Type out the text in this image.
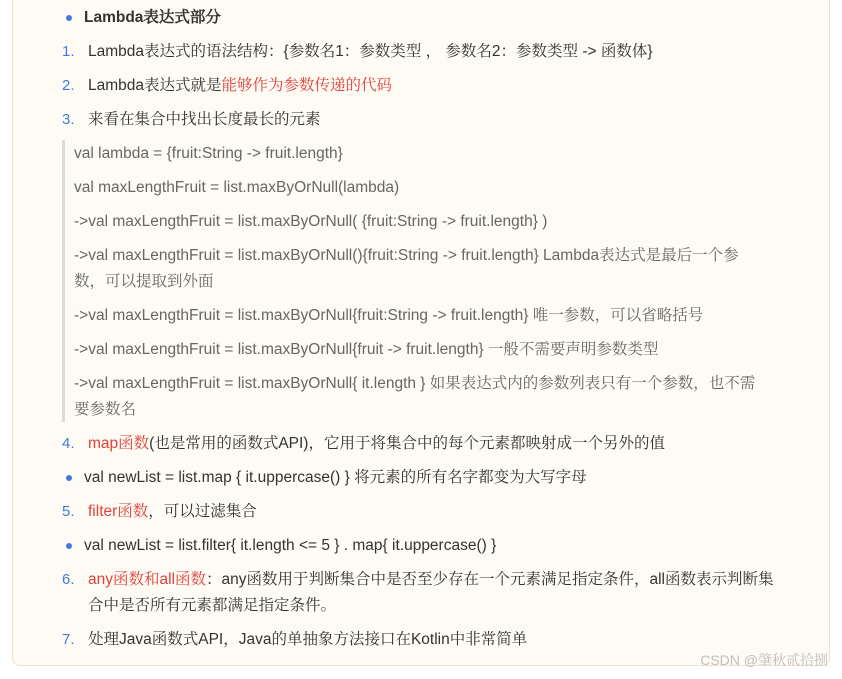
Lambda表达式部分
1. Lambda表达式的语法结构：{参数名1：参数类型 ， 参数名2：参数类型 -> 函数体}
2. Lambda表达式就是能够作为参数传递的代码
3. 来看在集合中找出长度最长的元素
val lambda = {fruit:String -> fruit.length}
val maxLengthFruit = list.maxByOrNull(lambda)
->val maxLengthFruit = list.maxByOrNull( {fruit:String -> fruit.length} )
->val maxLengthFruit = list.maxByOrNull(){fruit:String -> fruit.length} Lambda表达式是最后一个参
数，可以提取到外面
->val maxLengthFruit = list.maxByOrNull{fruit:String -> fruit.length} 唯一参数，可以省略括号
->val maxLengthFruit = list.maxByOrNull{fruit -> fruit.length} 一般不需要声明参数类型
->val maxLengthFruit = list.maxByOrNull{ it.length } 如果表达式内的参数列表只有一个参数，也不需
要参数名
4. map函数(也是常用的函数式API)，它用于将集合中的每个元素都映射成一个另外的值
val newList = list.map { it.uppercase() } 将元素的所有名字都变为大写字母
5. filter函数，可以过滤集合
val newList = list.filter{ it.length <= 5 } . map{ it.uppercase() }
6. any函数和all函数：any函数用于判断集合中是否至少存在一个元素满足指定条件，all函数表示判断集
合中是否所有元素都满足指定条件。
7. 处理Java函数式API，Java的单抽象方法接口在Kotlin中非常简单
CSDN @肇秋贰拾捌
